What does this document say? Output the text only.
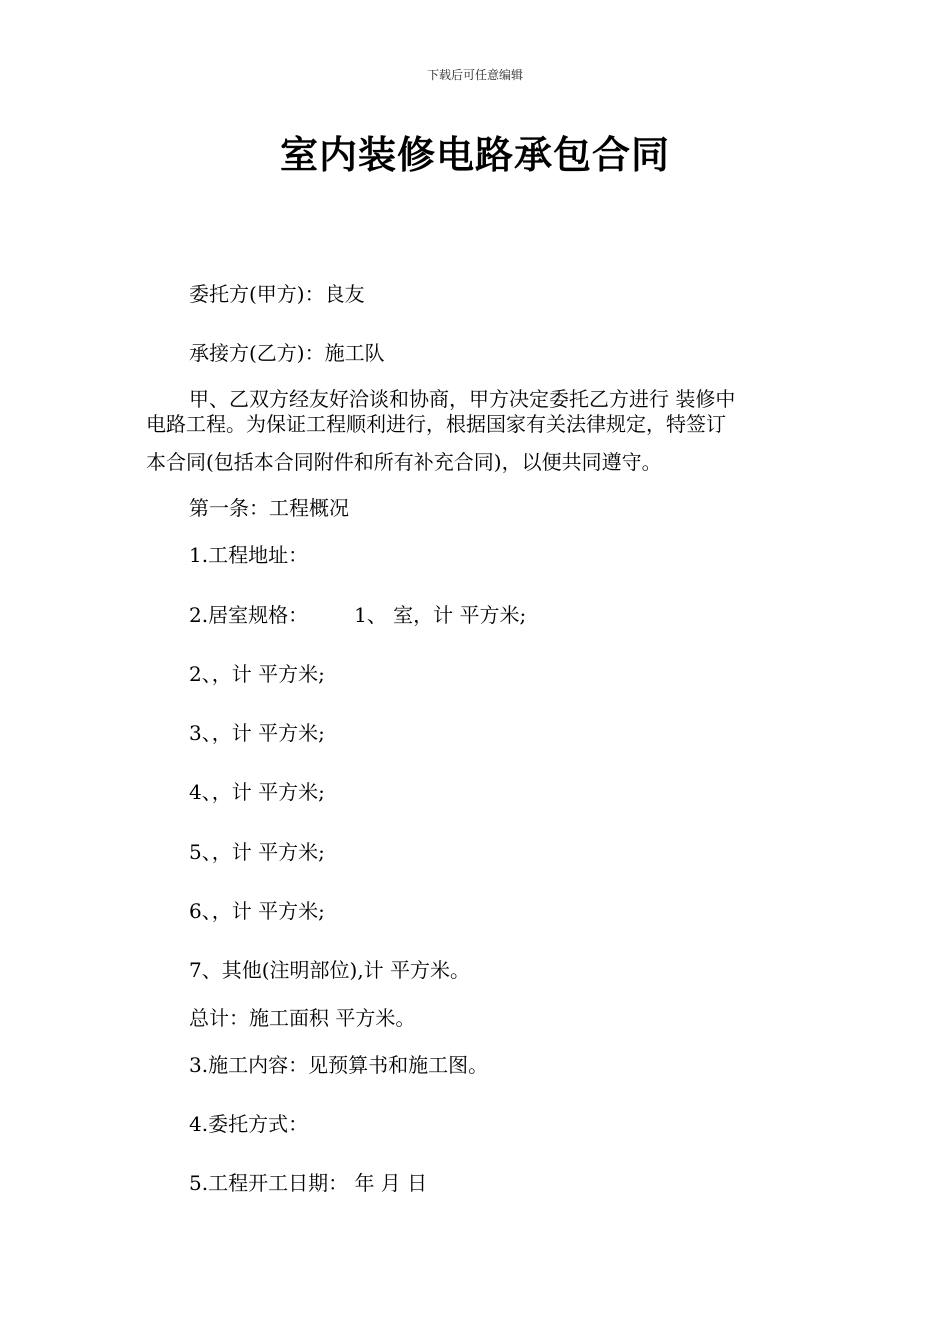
下载后可任意编辑
室内装修电路承包合同
委托方(甲方)：良友
承接方(乙方)：施工队
甲、乙双方经友好洽谈和协商，甲方决定委托乙方进行 装修中
电路工程。为保证工程顺利进行，根据国家有关法律规定，特签订
本合同(包括本合同附件和所有补充合同)，以便共同遵守。
第一条：工程概况
1.工程地址：
2.居室规格： 1、 室，计 平方米;
2、，计 平方米;
3、，计 平方米;
4、，计 平方米;
5、，计 平方米;
6、，计 平方米;
7、其他(注明部位),计 平方米。
总计：施工面积 平方米。
3.施工内容：见预算书和施工图。
4.委托方式：
5.工程开工日期： 年 月 日
